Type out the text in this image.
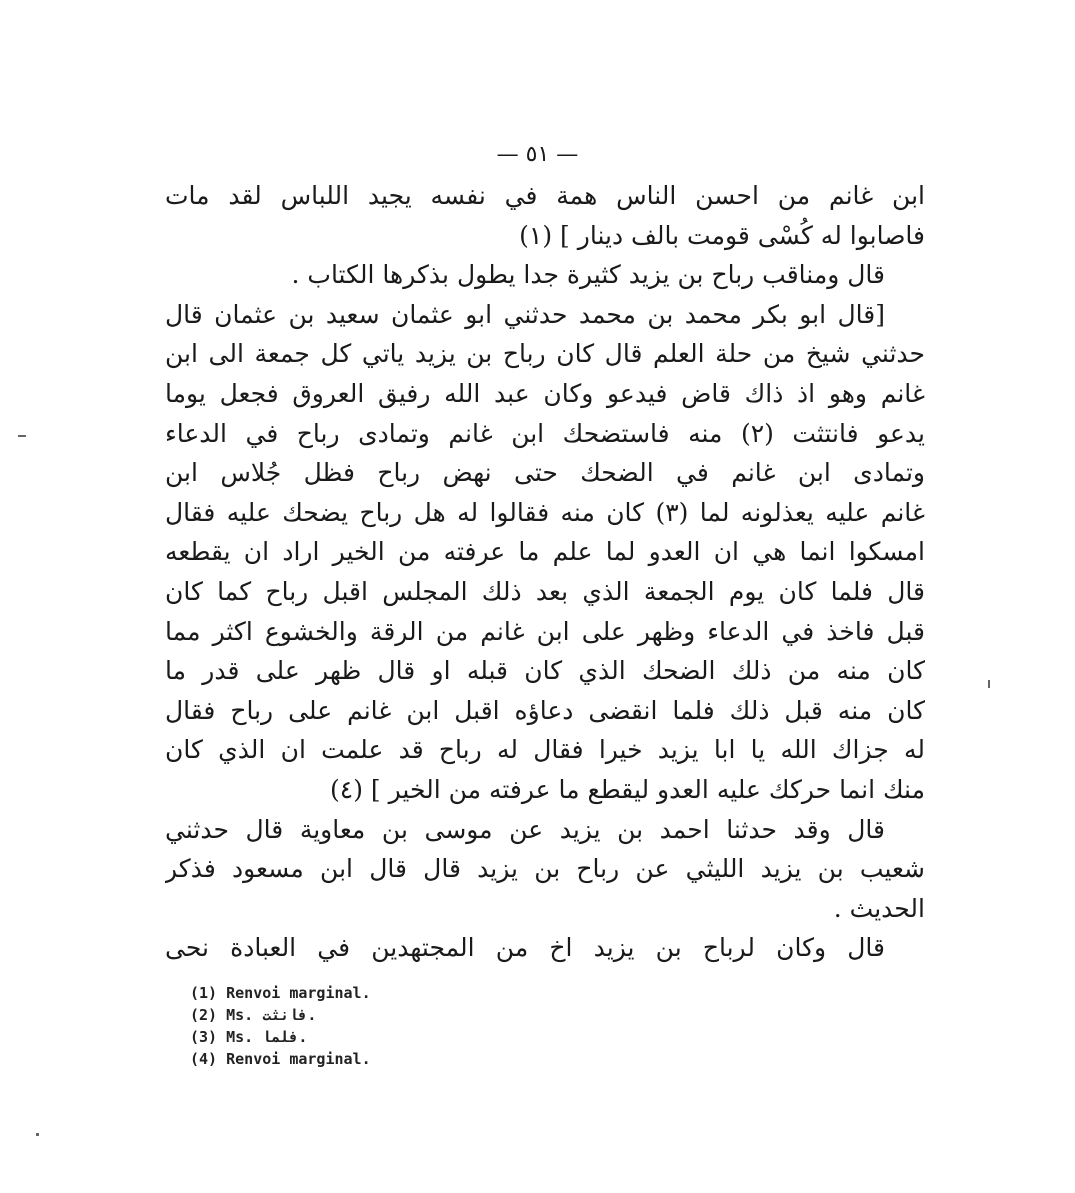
— ٥١ —
ابن غانم من احسن الناس همة في نفسه يجيد اللباس لقد مات
فاصابوا له كُسْى قومت بالف دينار ] (١)
قال ومناقب رباح بن يزيد كثيرة جدا يطول بذكرها الكتاب .
[قال ابو بكر محمد بن محمد حدثني ابو عثمان سعيد بن عثمان قال
حدثني شيخ من حلة العلم قال كان رباح بن يزيد ياتي كل جمعة الى ابن
غانم وهو اذ ذاك قاض فيدعو وكان عبد الله رفيق العروق فجعل يوما
يدعو فانتثت (٢) منه فاستضحك ابن غانم وتمادى رباح في الدعاء
وتمادى ابن غانم في الضحك حتى نهض رباح فظل جُلاس ابن
غانم عليه يعذلونه لما (٣) كان منه فقالوا له هل رباح يضحك عليه فقال
امسكوا انما هي ان العدو لما علم ما عرفته من الخير اراد ان يقطعه
قال فلما كان يوم الجمعة الذي بعد ذلك المجلس اقبل رباح كما كان
قبل فاخذ في الدعاء وظهر على ابن غانم من الرقة والخشوع اكثر مما
كان منه من ذلك الضحك الذي كان قبله او قال ظهر على قدر ما
كان منه قبل ذلك فلما انقضى دعاؤه اقبل ابن غانم على رباح فقال
له جزاك الله يا ابا يزيد خيرا فقال له رباح قد علمت ان الذي كان
منك انما حركك عليه العدو ليقطع ما عرفته من الخير ] (٤)
قال وقد حدثنا احمد بن يزيد عن موسى بن معاوية قال حدثني
شعيب بن يزيد الليثي عن رباح بن يزيد قال قال ابن مسعود فذكر
الحديث .
قال وكان لرباح بن يزيد اخ من المجتهدين في العبادة نحى
(1) Renvoi marginal.
(2) Ms. فانثت.
(3) Ms. فلما.
(4) Renvoi marginal.
